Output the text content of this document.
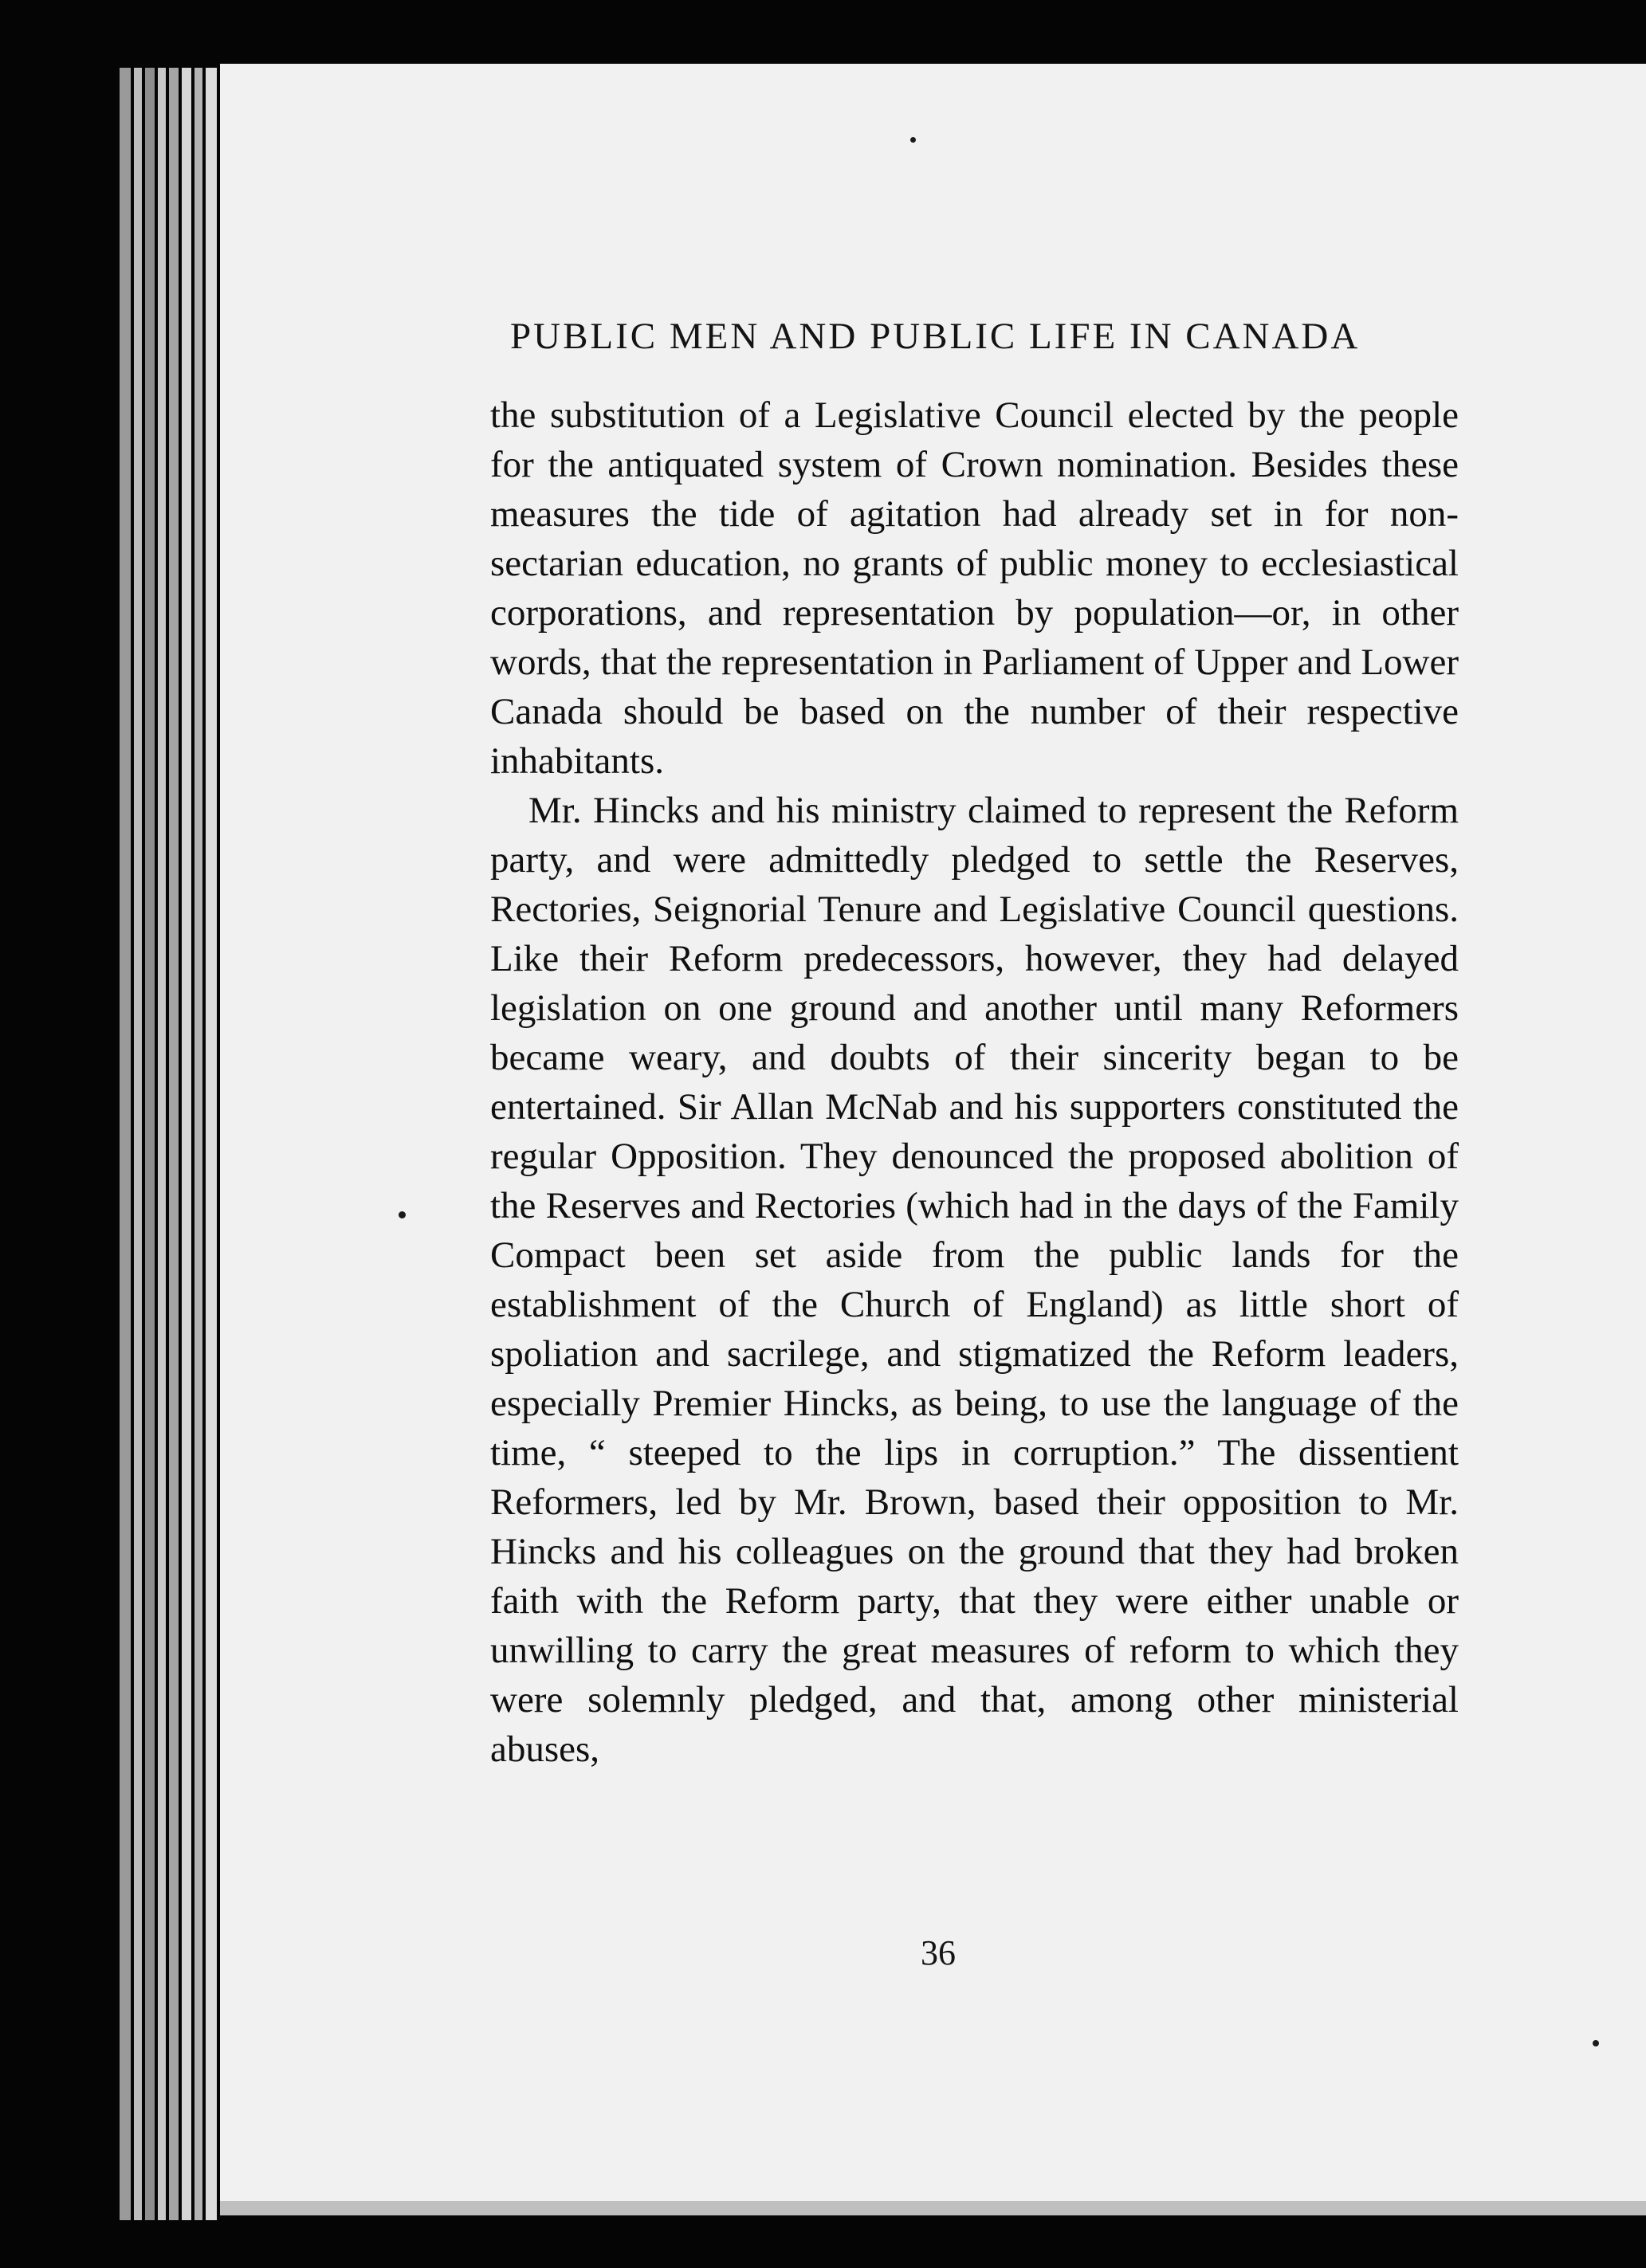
PUBLIC MEN AND PUBLIC LIFE IN CANADA

the substitution of a Legislative Council elected by the people for the antiquated system of Crown nomination. Besides these measures the tide of agitation had already set in for non-sectarian education, no grants of public money to ecclesiastical corporations, and representation by population—or, in other words, that the representation in Parliament of Upper and Lower Canada should be based on the number of their respective inhabitants.

Mr. Hincks and his ministry claimed to represent the Reform party, and were admittedly pledged to settle the Reserves, Rectories, Seignorial Tenure and Legislative Council questions. Like their Reform predecessors, however, they had delayed legislation on one ground and another until many Reformers became weary, and doubts of their sincerity began to be entertained. Sir Allan McNab and his supporters constituted the regular Opposition. They denounced the proposed abolition of the Reserves and Rectories (which had in the days of the Family Compact been set aside from the public lands for the establishment of the Church of England) as little short of spoliation and sacrilege, and stigmatized the Reform leaders, especially Premier Hincks, as being, to use the language of the time, “ steeped to the lips in corruption.” The dissentient Reformers, led by Mr. Brown, based their opposition to Mr. Hincks and his colleagues on the ground that they had broken faith with the Reform party, that they were either unable or unwilling to carry the great measures of reform to which they were solemnly pledged, and that, among other ministerial abuses,

36
